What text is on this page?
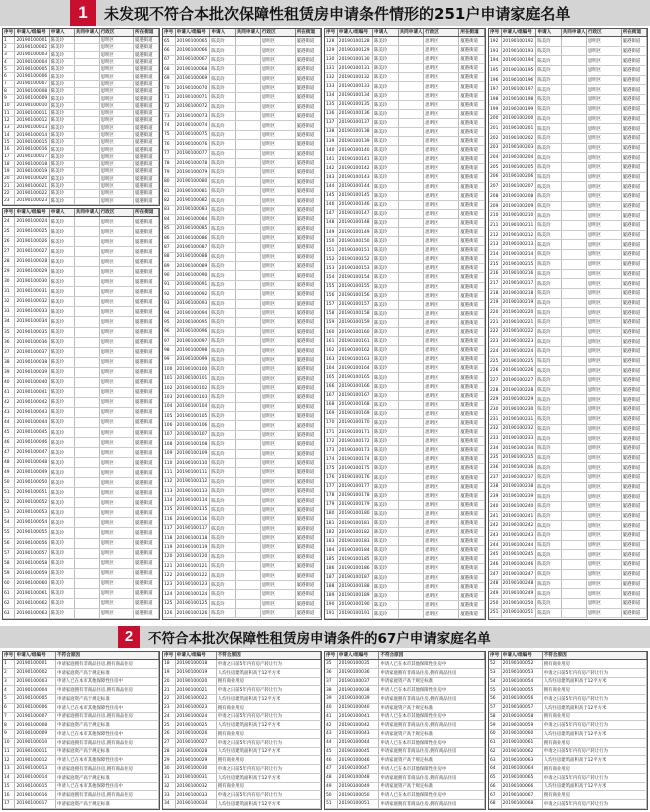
1	未发现不符合本批次保障性租赁房申请条件情形的251户申请家庭名单
序号 申请人/组编号	申请人	共同申请人 行政区	所在街道
1	20190100001 陈美玲	思明区	厦港街道
2	20190100002 陈美玲	思明区	厦港街道
3	20190100003 陈美玲	思明区	厦港街道
4	20190100004 陈美玲	思明区	厦港街道
5	20190100005 陈美玲	思明区	厦港街道
6	20190100006 陈美玲	思明区	厦港街道
7	20190100007 陈美玲	思明区	厦港街道
8	20190100008 陈美玲	思明区	厦港街道
9	20190100009 陈美玲	思明区	厦港街道
10	20190100010 陈美玲	思明区	厦港街道
11	20190100011 陈美玲	思明区	厦港街道
12	20190100012 陈美玲	思明区	厦港街道
13	20190100013 陈美玲	思明区	厦港街道
14	20190100014 陈美玲	思明区	厦港街道
15	20190100015 陈美玲	思明区	厦港街道
16	20190100016 陈美玲	思明区	厦港街道
17	20190100017 陈美玲	思明区	厦港街道
18	20190100018 陈美玲	思明区	厦港街道
19	20190100019 陈美玲	思明区	厦港街道
20	20190100020 陈美玲	思明区	厦港街道
21	20190100021 陈美玲	思明区	厦港街道
22	20190100022 陈美玲	思明区	厦港街道
23	20190100023 陈美玲	思明区	厦港街道
序号 申请人/组编号	申请人	共同申请人 行政区	所在街道
24	20190100024 陈美玲	思明区	厦港街道
25	20190100025 陈美玲	思明区	厦港街道
26	20190100026 陈美玲	思明区	厦港街道
27	20190100027 陈美玲	思明区	厦港街道
28	20190100028 陈美玲	思明区	厦港街道
29	20190100029 陈美玲	思明区	厦港街道
30	20190100030 陈美玲	思明区	厦港街道
31	20190100031 陈美玲	思明区	厦港街道
32	20190100032 陈美玲	思明区	厦港街道
33	20190100033 陈美玲	思明区	厦港街道
34	20190100034 陈美玲	思明区	厦港街道
35	20190100035 陈美玲	思明区	厦港街道
36	20190100036 陈美玲	思明区	厦港街道
37	20190100037 陈美玲	思明区	厦港街道
38	20190100038 陈美玲	思明区	厦港街道
39	20190100039 陈美玲	思明区	厦港街道
40	20190100040 陈美玲	思明区	厦港街道
41	20190100041 陈美玲	思明区	厦港街道
42	20190100042 陈美玲	思明区	厦港街道
43	20190100043 陈美玲	思明区	厦港街道
44	20190100044 陈美玲	思明区	厦港街道
45	20190100045 陈美玲	思明区	厦港街道
46	20190100046 陈美玲	思明区	厦港街道
47	20190100047 陈美玲	思明区	厦港街道
48	20190100048 陈美玲	思明区	厦港街道
49	20190100049 陈美玲	思明区	厦港街道
50	20190100050 陈美玲	思明区	厦港街道
51	20190100051 陈美玲	思明区	厦港街道
52	20190100052 陈美玲	思明区	厦港街道
53	20190100053 陈美玲	思明区	厦港街道
54	20190100054 陈美玲	思明区	厦港街道
55	20190100055 陈美玲	思明区	厦港街道
56	20190100056 陈美玲	思明区	厦港街道
57	20190100057 陈美玲	思明区	厦港街道
58	20190100058 陈美玲	思明区	厦港街道
59	20190100059 陈美玲	思明区	厦港街道
60	20190100060 陈美玲	思明区	厦港街道
61	20190100061 陈美玲	思明区	厦港街道
62	20190100062 陈美玲	思明区	厦港街道
63	20190100063 陈美玲	思明区	厦港街道
序号 申请人/组编号	申请人	共同申请人 行政区	所在街道
65	20190100065 陈美玲	思明区	厦港街道
66	20190100066 陈美玲	思明区	厦港街道
67	20190100067 陈美玲	思明区	厦港街道
68	20190100068 陈美玲	思明区	厦港街道
69	20190100069 陈美玲	思明区	厦港街道
70	20190100070 陈美玲	思明区	厦港街道
71	20190100071 陈美玲	思明区	厦港街道
72	20190100072 陈美玲	思明区	厦港街道
73	20190100073 陈美玲	思明区	厦港街道
74	20190100074 陈美玲	思明区	厦港街道
75	20190100075 陈美玲	思明区	厦港街道
76	20190100076 陈美玲	思明区	厦港街道
77	20190100077 陈美玲	思明区	厦港街道
78	20190100078 陈美玲	思明区	厦港街道
79	20190100079 陈美玲	思明区	厦港街道
80	20190100080 陈美玲	思明区	厦港街道
81	20190100081 陈美玲	思明区	厦港街道
82	20190100082 陈美玲	思明区	厦港街道
83	20190100083 陈美玲	思明区	厦港街道
84	20190100084 陈美玲	思明区	厦港街道
85	20190100085 陈美玲	思明区	厦港街道
86	20190100086 陈美玲	思明区	厦港街道
87	20190100087 陈美玲	思明区	厦港街道
88	20190100088 陈美玲	思明区	厦港街道
89	20190100089 陈美玲	思明区	厦港街道
90	20190100090 陈美玲	思明区	厦港街道
91	20190100091 陈美玲	思明区	厦港街道
92	20190100092 陈美玲	思明区	厦港街道
93	20190100093 陈美玲	思明区	厦港街道
94	20190100094 陈美玲	思明区	厦港街道
95	20190100095 陈美玲	思明区	厦港街道
96	20190100096 陈美玲	思明区	厦港街道
97	20190100097 陈美玲	思明区	厦港街道
98	20190100098 陈美玲	思明区	厦港街道
99	20190100099 陈美玲	思明区	厦港街道
100 20190100100 陈美玲	思明区	厦港街道
101 20190100101 陈美玲	思明区	厦港街道
102 20190100102 陈美玲	思明区	厦港街道
103 20190100103 陈美玲	思明区	厦港街道
104 20190100104 陈美玲	思明区	厦港街道
105 20190100105 陈美玲	思明区	厦港街道
106 20190100106 陈美玲	思明区	厦港街道
107 20190100107 陈美玲	思明区	厦港街道
108 20190100108 陈美玲	思明区	厦港街道
109 20190100109 陈美玲	思明区	厦港街道
110 20190100110 陈美玲	思明区	厦港街道
111 20190100111 陈美玲	思明区	厦港街道
112 20190100112 陈美玲	思明区	厦港街道
113 20190100113 陈美玲	思明区	厦港街道
114 20190100114 陈美玲	思明区	厦港街道
115 20190100115 陈美玲	思明区	厦港街道
116 20190100116 陈美玲	思明区	厦港街道
117 20190100117 陈美玲	思明区	厦港街道
118 20190100118 陈美玲	思明区	厦港街道
119 20190100119 陈美玲	思明区	厦港街道
120 20190100120 陈美玲	思明区	厦港街道
121 20190100121 陈美玲	思明区	厦港街道
122 20190100122 陈美玲	思明区	厦港街道
123 20190100123 陈美玲	思明区	厦港街道
124 20190100124 陈美玲	思明区	厦港街道
125 20190100125 陈美玲	思明区	厦港街道
126 20190100126 陈美玲	思明区	厦港街道
序号 申请人/组编号	申请人	共同申请人 行政区	所在街道
128	20190100128	陈美玲	思明区	厦港街道
129	20190100129	陈美玲	思明区	厦港街道
130	20190100130	陈美玲	思明区	厦港街道
131	20190100131	陈美玲	思明区	厦港街道
132	20190100132	陈美玲	思明区	厦港街道
133	20190100133	陈美玲	思明区	厦港街道
134	20190100134	陈美玲	思明区	厦港街道
135	20190100135	陈美玲	思明区	厦港街道
136	20190100136	陈美玲	思明区	厦港街道
137	20190100137	陈美玲	思明区	厦港街道
138	20190100138	陈美玲	思明区	厦港街道
139	20190100139	陈美玲	思明区	厦港街道
140	20190100140	陈美玲	思明区	厦港街道
141	20190100141	陈美玲	思明区	厦港街道
142	20190100142	陈美玲	思明区	厦港街道
143	20190100143	陈美玲	思明区	厦港街道
144	20190100144	陈美玲	思明区	厦港街道
145	20190100145	陈美玲	思明区	厦港街道
146	20190100146	陈美玲	思明区	厦港街道
147	20190100147	陈美玲	思明区	厦港街道
148	20190100148	陈美玲	思明区	厦港街道
149	20190100149	陈美玲	思明区	厦港街道
150	20190100150	陈美玲	思明区	厦港街道
151	20190100151	陈美玲	思明区	厦港街道
152	20190100152	陈美玲	思明区	厦港街道
153	20190100153	陈美玲	思明区	厦港街道
154	20190100154	陈美玲	思明区	厦港街道
155	20190100155	陈美玲	思明区	厦港街道
156	20190100156	陈美玲	思明区	厦港街道
157	20190100157	陈美玲	思明区	厦港街道
158	20190100158	陈美玲	思明区	厦港街道
159	20190100159	陈美玲	思明区	厦港街道
160	20190100160	陈美玲	思明区	厦港街道
161	20190100161	陈美玲	思明区	厦港街道
162	20190100162	陈美玲	思明区	厦港街道
163	20190100163	陈美玲	思明区	厦港街道
164	20190100164	陈美玲	思明区	厦港街道
165	20190100165	陈美玲	思明区	厦港街道
166	20190100166	陈美玲	思明区	厦港街道
167	20190100167	陈美玲	思明区	厦港街道
168	20190100168	陈美玲	思明区	厦港街道
169	20190100169	陈美玲	思明区	厦港街道
170	20190100170	陈美玲	思明区	厦港街道
171	20190100171	陈美玲	思明区	厦港街道
172	20190100172	陈美玲	思明区	厦港街道
173	20190100173	陈美玲	思明区	厦港街道
174	20190100174	陈美玲	思明区	厦港街道
175	20190100175	陈美玲	思明区	厦港街道
176	20190100176	陈美玲	思明区	厦港街道
177	20190100177	陈美玲	思明区	厦港街道
178	20190100178	陈美玲	思明区	厦港街道
179	20190100179	陈美玲	思明区	厦港街道
180	20190100180	陈美玲	思明区	厦港街道
181	20190100181	陈美玲	思明区	厦港街道
182	20190100182	陈美玲	思明区	厦港街道
183	20190100183	陈美玲	思明区	厦港街道
184	20190100184	陈美玲	思明区	厦港街道
185	20190100185	陈美玲	思明区	厦港街道
186	20190100186	陈美玲	思明区	厦港街道
187	20190100187	陈美玲	思明区	厦港街道
188	20190100188	陈美玲	思明区	厦港街道
189	20190100189	陈美玲	思明区	厦港街道
190	20190100190	陈美玲	思明区	厦港街道
191	20190100191	陈美玲	思明区	厦港街道
序号 申请人/组编号	申请人	共同申请人 行政区	所在街道
192 20190100192 陈美玲	思明区	厦港街道
193 20190100193 陈美玲	思明区	厦港街道
194 20190100194 陈美玲	思明区	厦港街道
195 20190100195 陈美玲	思明区	厦港街道
196 20190100196 陈美玲	思明区	厦港街道
197 20190100197 陈美玲	思明区	厦港街道
198 20190100198 陈美玲	思明区	厦港街道
199 20190100199 陈美玲	思明区	厦港街道
200 20190100200 陈美玲	思明区	厦港街道
201 20190100201 陈美玲	思明区	厦港街道
202 20190100202 陈美玲	思明区	厦港街道
203 20190100203 陈美玲	思明区	厦港街道
204 20190100204 陈美玲	思明区	厦港街道
205 20190100205 陈美玲	思明区	厦港街道
206 20190100206 陈美玲	思明区	厦港街道
207 20190100207 陈美玲	思明区	厦港街道
208 20190100208 陈美玲	思明区	厦港街道
209 20190100209 陈美玲	思明区	厦港街道
210 20190100210 陈美玲	思明区	厦港街道
211 20190100211 陈美玲	思明区	厦港街道
212 20190100212 陈美玲	思明区	厦港街道
213 20190100213 陈美玲	思明区	厦港街道
214 20190100214 陈美玲	思明区	厦港街道
215 20190100215 陈美玲	思明区	厦港街道
216 20190100216 陈美玲	思明区	厦港街道
217 20190100217 陈美玲	思明区	厦港街道
218 20190100218 陈美玲	思明区	厦港街道
219 20190100219 陈美玲	思明区	厦港街道
220 20190100220 陈美玲	思明区	厦港街道
221 20190100221 陈美玲	思明区	厦港街道
222 20190100222 陈美玲	思明区	厦港街道
223 20190100223 陈美玲	思明区	厦港街道
224 20190100224 陈美玲	思明区	厦港街道
225 20190100225 陈美玲	思明区	厦港街道
226 20190100226 陈美玲	思明区	厦港街道
227 20190100227 陈美玲	思明区	厦港街道
228 20190100228 陈美玲	思明区	厦港街道
229 20190100229 陈美玲	思明区	厦港街道
230 20190100230 陈美玲	思明区	厦港街道
231 20190100231 陈美玲	思明区	厦港街道
232 20190100232 陈美玲	思明区	厦港街道
233 20190100233 陈美玲	思明区	厦港街道
234 20190100234 陈美玲	思明区	厦港街道
235 20190100235 陈美玲	思明区	厦港街道
236 20190100236 陈美玲	思明区	厦港街道
237 20190100237 陈美玲	思明区	厦港街道
238 20190100238 陈美玲	思明区	厦港街道
239 20190100239 陈美玲	思明区	厦港街道
240 20190100240 陈美玲	思明区	厦港街道
241 20190100241 陈美玲	思明区	厦港街道
242 20190100242 陈美玲	思明区	厦港街道
243 20190100243 陈美玲	思明区	厦港街道
244 20190100244 陈美玲	思明区	厦港街道
245 20190100245 陈美玲	思明区	厦港街道
246 20190100246 陈美玲	思明区	厦港街道
247 20190100247 陈美玲	思明区	厦港街道
248 20190100248 陈美玲	思明区	厦港街道
249 20190100249 陈美玲	思明区	厦港街道
250 20190100250 陈美玲	思明区	厦港街道
251 20190100251 陈美玲	思明区	厦港街道
2	不符合本批次保障性租赁房申请条件的67户申请家庭名单
序号 申请人/组编号	不符合原因
1	20190100001	申请家庭拥有非商品住房,拥有商品住房
2	20190100002	申请家庭资产高于规定标准
3	20190100003	申请人已在本市其他保障性住房中
4	20190100004	申请家庭拥有非商品住房,拥有商品住房
5	20190100005	申请家庭资产高于规定标准
6	20190100006	申请人已在本市其他保障性住房中
7	20190100007	申请家庭拥有非商品住房,拥有商品住房
8	20190100008	申请家庭资产高于规定标准
9	20190100009	申请人已在本市其他保障性住房中
10	20190100010	申请家庭拥有非商品住房,拥有商品住房
11	20190100011	申请家庭资产高于规定标准
12	20190100012	申请人已在本市其他保障性住房中
13	20190100013	申请家庭拥有非商品住房,拥有商品住房
14	20190100014	申请家庭资产高于规定标准
15	20190100015	申请人已在本市其他保障性住房中
16	20190100016	申请家庭拥有非商品住房,拥有商品住房
17	20190100017	申请家庭资产高于规定标准
序号 申请人/组编号	不符合原因
18	20190100018	申请之日前5年内有房产转让行为
19	20190100019	人均住房建筑面积高于12平方米
20	20190100020	拥有商业用房
21	20190100021	申请之日前5年内有房产转让行为
22	20190100022	人均住房建筑面积高于12平方米
23	20190100023	拥有商业用房
24	20190100024	申请之日前5年内有房产转让行为
25	20190100025	人均住房建筑面积高于12平方米
26	20190100026	拥有商业用房
27	20190100027	申请之日前5年内有房产转让行为
28	20190100028	人均住房建筑面积高于12平方米
29	20190100029	拥有商业用房
30	20190100030	申请之日前5年内有房产转让行为
31	20190100031	人均住房建筑面积高于12平方米
32	20190100032	拥有商业用房
33	20190100033	申请之日前5年内有房产转让行为
34	20190100034	人均住房建筑面积高于12平方米
序号 申请人/组编号	不符合原因
35	20190100035	申请人已在本市其他保障性住房中
36	20190100036	申请家庭拥有非商品住房,拥有商品住房
37	20190100037	申请家庭资产高于规定标准
38	20190100038	申请人已在本市其他保障性住房中
39	20190100039	申请家庭拥有非商品住房,拥有商品住房
40	20190100040	申请家庭资产高于规定标准
41	20190100041	申请人已在本市其他保障性住房中
42	20190100042	申请家庭拥有非商品住房,拥有商品住房
43	20190100043	申请家庭资产高于规定标准
44	20190100044	申请人已在本市其他保障性住房中
45	20190100045	申请家庭拥有非商品住房,拥有商品住房
46	20190100046	申请家庭资产高于规定标准
47	20190100047	申请人已在本市其他保障性住房中
48	20190100048	申请家庭拥有非商品住房,拥有商品住房
49	20190100049	申请家庭资产高于规定标准
50	20190100050	申请人已在本市其他保障性住房中
51	20190100051	申请家庭拥有非商品住房,拥有商品住房
序号 申请人/组编号	不符合原因
52	20190100052	拥有商业用房
53	20190100053	申请之日前5年内有房产转让行为
54	20190100054	人均住房建筑面积高于12平方米
55	20190100055	拥有商业用房
56	20190100056	申请之日前5年内有房产转让行为
57	20190100057	人均住房建筑面积高于12平方米
58	20190100058	拥有商业用房
59	20190100059	申请之日前5年内有房产转让行为
60	20190100060	人均住房建筑面积高于12平方米
61	20190100061	拥有商业用房
62	20190100062	申请之日前5年内有房产转让行为
63	20190100063	人均住房建筑面积高于12平方米
64	20190100064	拥有商业用房
65	20190100065	申请之日前5年内有房产转让行为
66	20190100066	人均住房建筑面积高于12平方米
67	20190100067	拥有商业用房
68	20190100068	申请之日前5年内有房产转让行为
